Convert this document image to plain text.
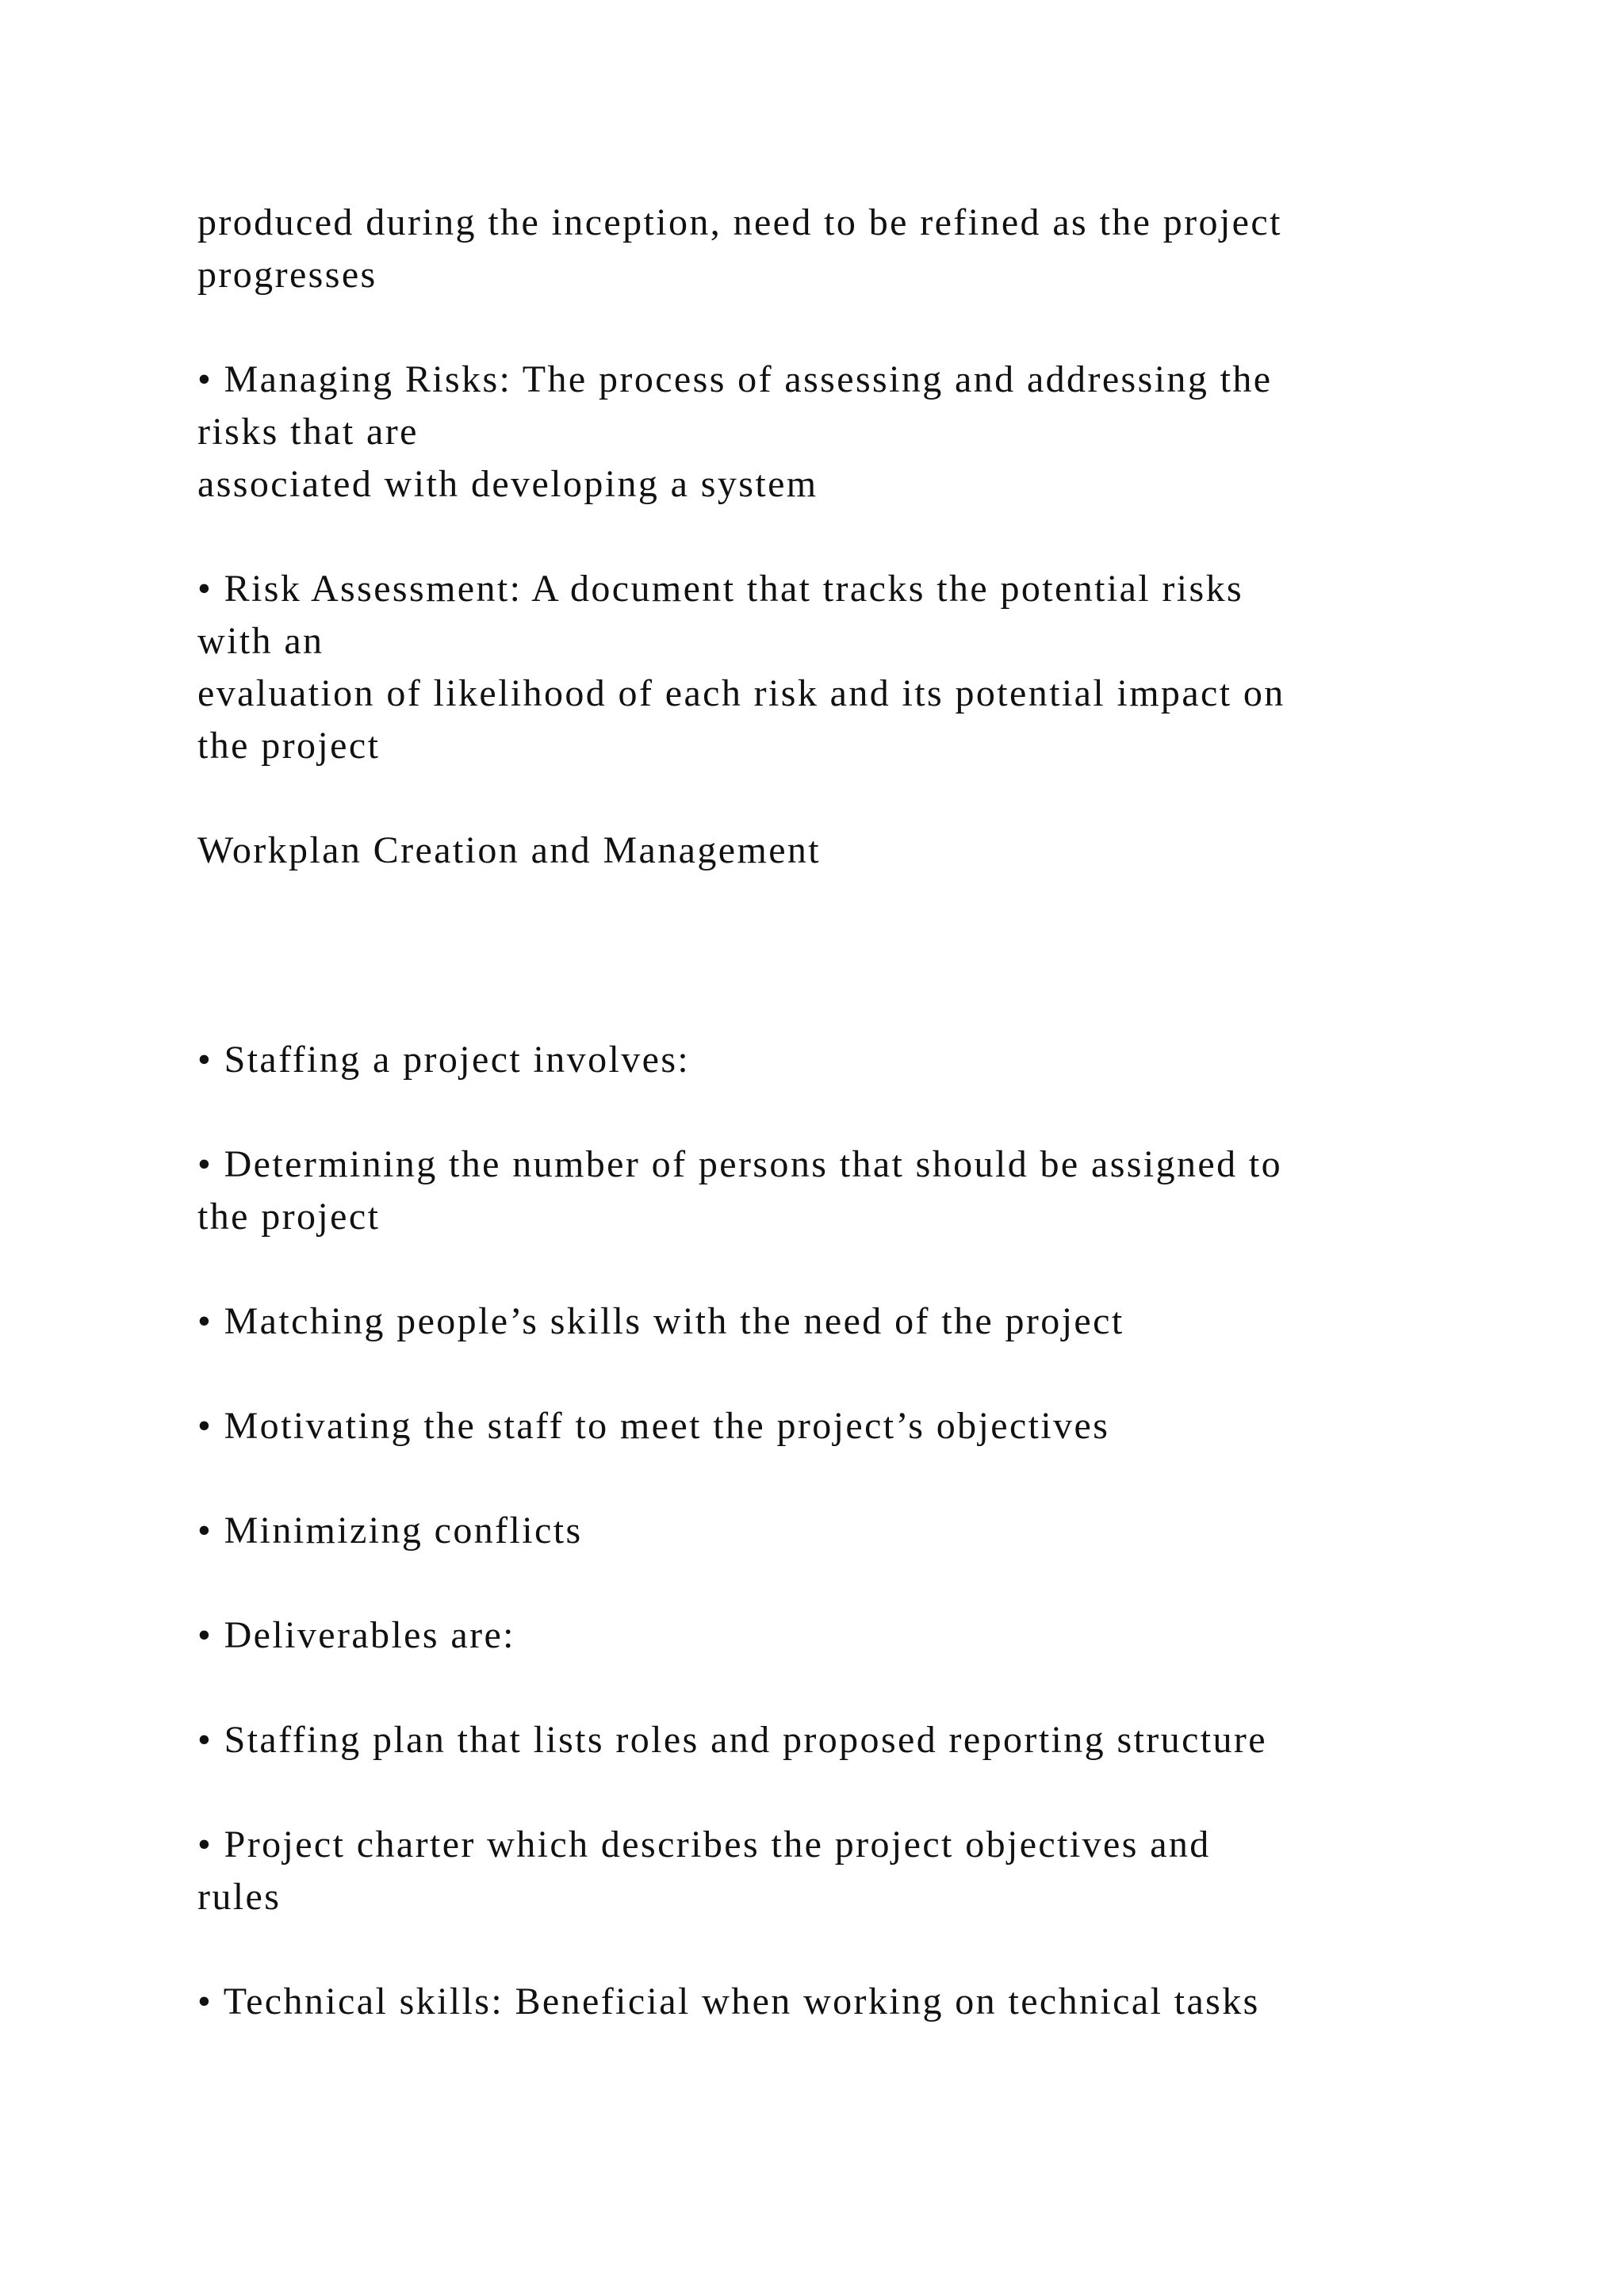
produced during the inception, need to be refined as the project
progresses
• Managing Risks: The process of assessing and addressing the
risks that are
associated with developing a system
• Risk Assessment: A document that tracks the potential risks
with an
evaluation of likelihood of each risk and its potential impact on
the project
Workplan Creation and Management
• Staffing a project involves:
• Determining the number of persons that should be assigned to
the project
• Matching people’s skills with the need of the project
• Motivating the staff to meet the project’s objectives
• Minimizing conflicts
• Deliverables are:
• Staffing plan that lists roles and proposed reporting structure
• Project charter which describes the project objectives and
rules
• Technical skills: Beneficial when working on technical tasks
